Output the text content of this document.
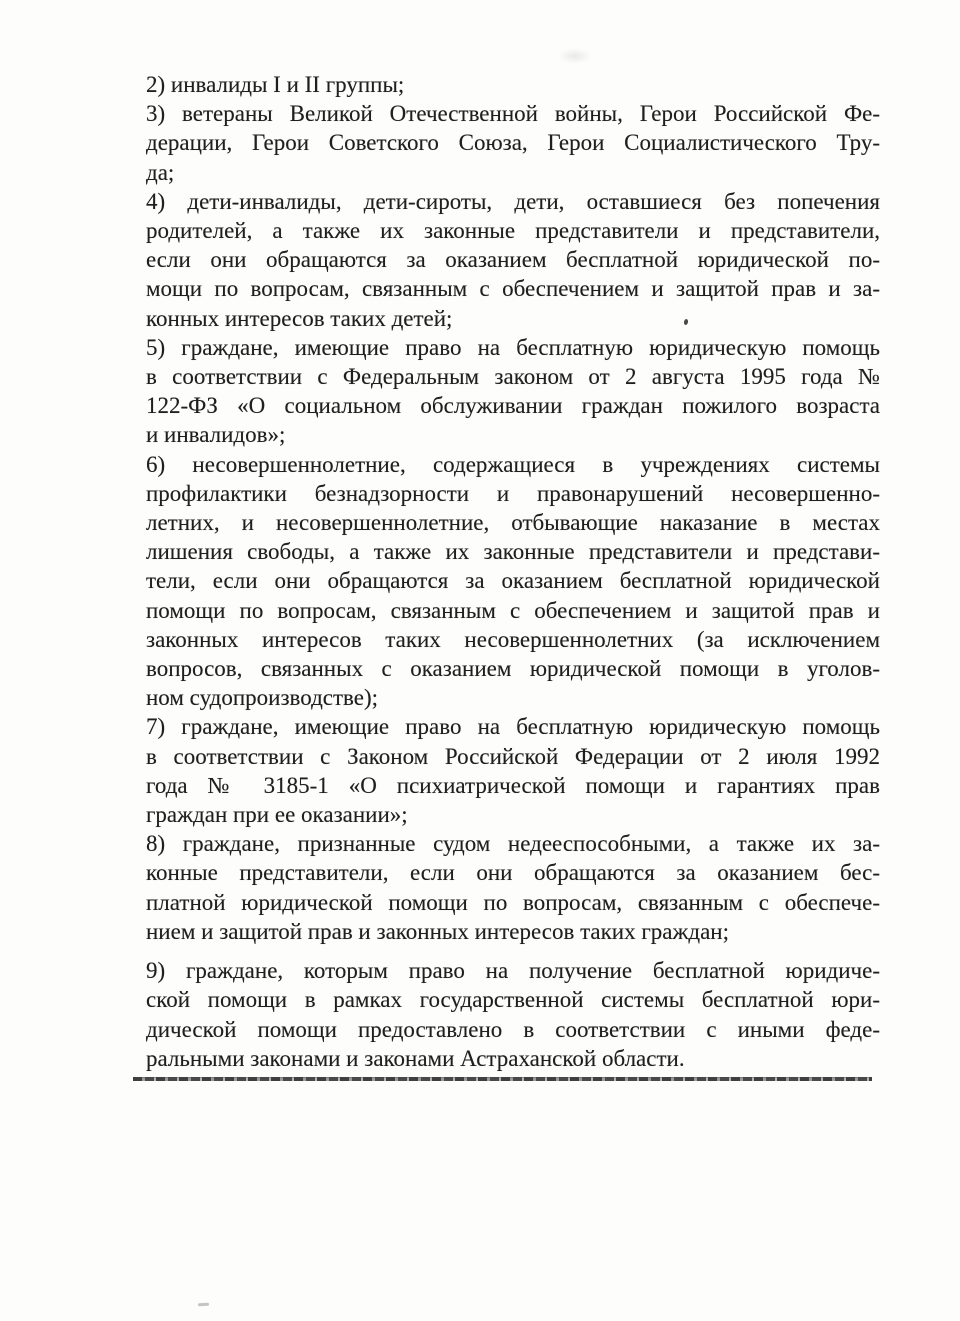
2) инвалиды I и II группы;

3) ветераны Великой Отечественной войны, Герои Российской Фе-
дерации, Герои Советского Союза, Герои Социалистического Тру-
да;

4) дети-инвалиды, дети-сироты, дети, оставшиеся без попечения
родителей, а также их законные представители и представители,
если они обращаются за оказанием бесплатной юридической по-
мощи по вопросам, связанным с обеспечением и защитой прав и за-
конных интересов таких детей;

5) граждане, имеющие право на бесплатную юридическую помощь
в соответствии с Федеральным законом от 2 августа 1995 года №
122-ФЗ «О социальном обслуживании граждан пожилого возраста
и инвалидов»;

6) несовершеннолетние, содержащиеся в учреждениях системы
профилактики безнадзорности и правонарушений несовершенно-
летних, и несовершеннолетние, отбывающие наказание в местах
лишения свободы, а также их законные представители и представи-
тели, если они обращаются за оказанием бесплатной юридической
помощи по вопросам, связанным с обеспечением и защитой прав и
законных интересов таких несовершеннолетних (за исключением
вопросов, связанных с оказанием юридической помощи в уголов-
ном судопроизводстве);

7) граждане, имеющие право на бесплатную юридическую помощь
в соответствии с Законом Российской Федерации от 2 июля 1992
года № 3185-1 «О психиатрической помощи и гарантиях прав
граждан при ее оказании»;

8) граждане, признанные судом недееспособными, а также их за-
конные представители, если они обращаются за оказанием бес-
платной юридической помощи по вопросам, связанным с обеспече-
нием и защитой прав и законных интересов таких граждан;

9) граждане, которым право на получение бесплатной юридиче-
ской помощи в рамках государственной системы бесплатной юри-
дической помощи предоставлено в соответствии с иными феде-
ральными законами и законами Астраханской области.
